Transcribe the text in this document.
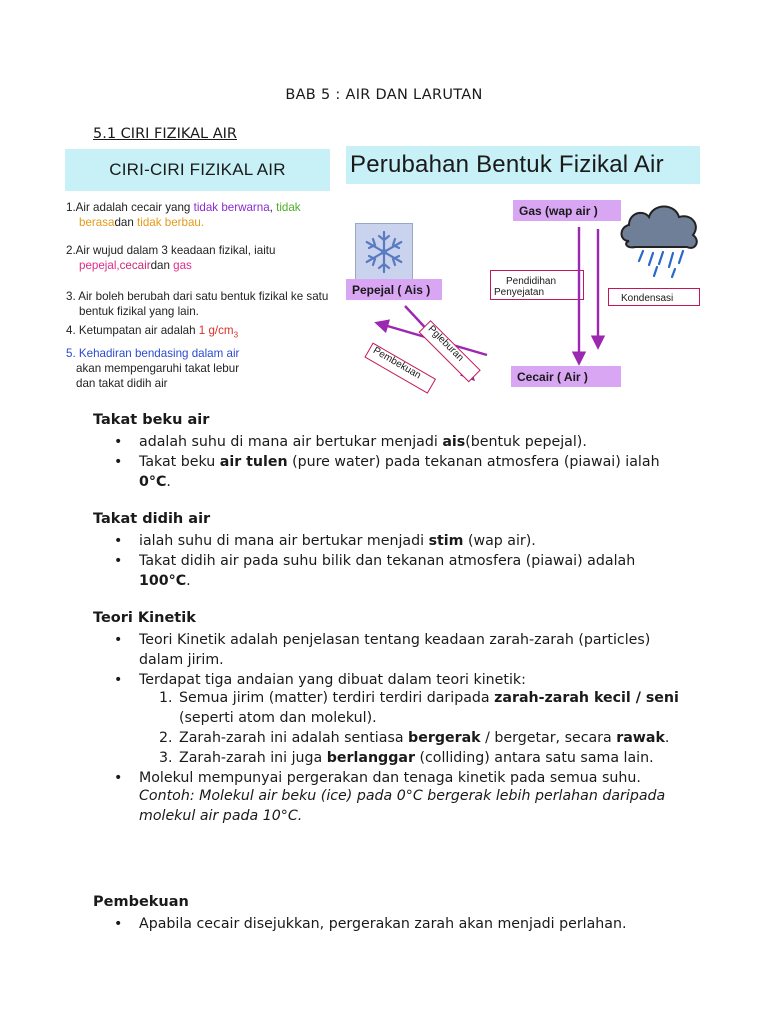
BAB 5 : AIR DAN LARUTAN
5.1 CIRI FIZIKAL AIR
CIRI-CIRI FIZIKAL AIR
1.Air adalah cecair yang tidak berwarna, tidak
berasadan tidak berbau.
2.Air wujud dalam 3 keadaan fizikal, iaitu
pepejal,cecairdan gas
3. Air boleh berubah dari satu bentuk fizikal ke satu
bentuk fizikal yang lain.
4. Ketumpatan air adalah 1 $g/cm_3$
5. Kehadiran bendasing dalam air
akan mempengaruhi takat lebur
dan takat didih air
Perubahan Bentuk Fizikal Air
Gas (wap air )
Pepejal ( Ais )
Cecair ( Air )
Pendidihan
Penyejatan
Kondensasi
Pgleburan
Pembekuan
Takat beku air
• adalah suhu di mana air bertukar menjadi ais(bentuk pepejal).
• Takat beku air tulen (pure water) pada tekanan atmosfera (piawai) ialah 0°C.
Takat didih air
• ialah suhu di mana air bertukar menjadi stim (wap air).
• Takat didih air pada suhu bilik dan tekanan atmosfera (piawai) adalah 100°C.
Teori Kinetik
• Teori Kinetik adalah penjelasan tentang keadaan zarah-zarah (particles) dalam jirim.
• Terdapat tiga andaian yang dibuat dalam teori kinetik:
1. Semua jirim (matter) terdiri terdiri daripada zarah-zarah kecil / seni (seperti atom dan molekul).
2. Zarah-zarah ini adalah sentiasa bergerak / bergetar, secara rawak.
3. Zarah-zarah ini juga berlanggar (colliding) antara satu sama lain.
• Molekul mempunyai pergerakan dan tenaga kinetik pada semua suhu.
Contoh: Molekul air beku (ice) pada 0°C bergerak lebih perlahan daripada molekul air pada 10°C.
Pembekuan
• Apabila cecair disejukkan, pergerakan zarah akan menjadi perlahan.
